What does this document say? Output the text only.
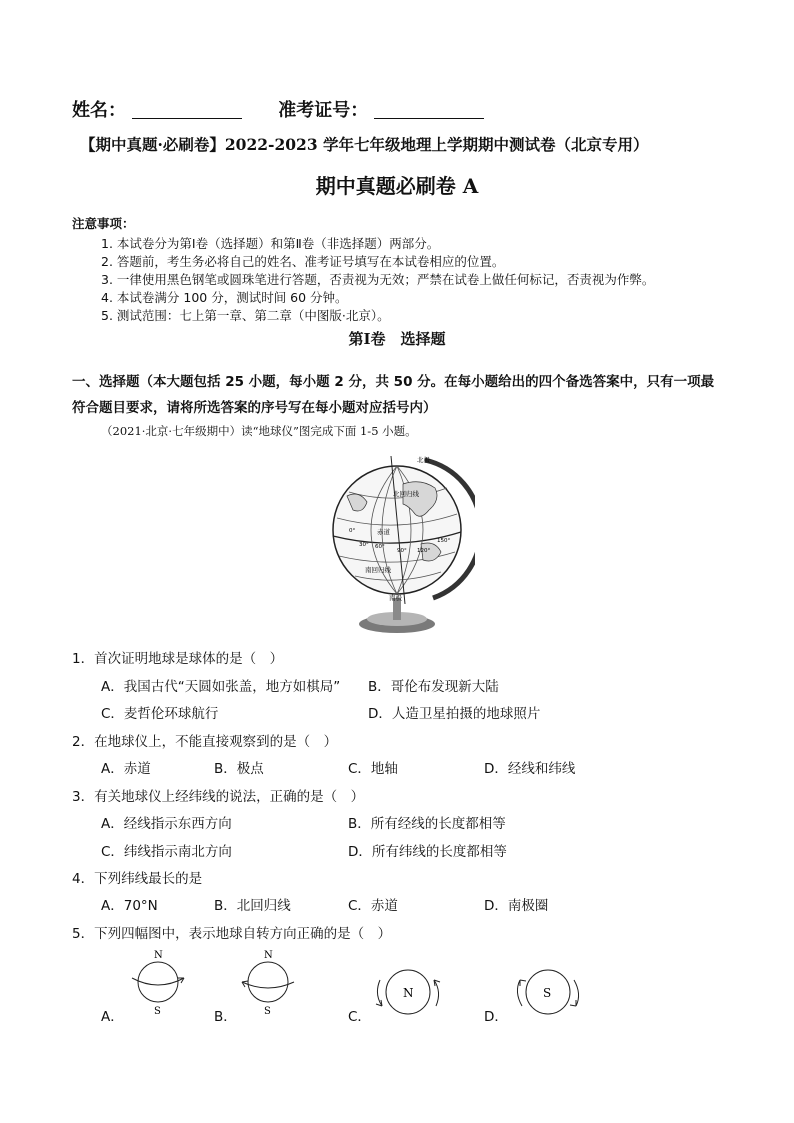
姓名：	准考证号：
【期中真题·必刷卷】2022-2023 学年七年级地理上学期期中测试卷（北京专用）
期中真题必刷卷 A
注意事项：
1. 本试卷分为第Ⅰ卷（选择题）和第Ⅱ卷（非选择题）两部分。
2. 答题前，考生务必将自己的姓名、准考证号填写在本试卷相应的位置。
3. 一律使用黑色钢笔或圆珠笔进行答题，否责视为无效；严禁在试卷上做任何标记，否责视为作弊。
4. 本试卷满分 100 分，测试时间 60 分钟。
5. 测试范围：七上第一章、第二章（中图版·北京）。
第Ⅰ卷　选择题
一、选择题（本大题包括 25 小题，每小题 2 分，共 50 分。在每小题给出的四个备选答案中，只有一项最
符合题目要求，请将所选答案的序号写在每小题对应括号内）
（2021·北京·七年级期中）读“地球仪”图完成下面 1-5 小题。
北极
北回归线
赤道
南回归线
南极
0°
30° 60°
90° 120°
150°
1．首次证明地球是球体的是（　）
A．我国古代“天圆如张盖，地方如棋局” B．哥伦布发现新大陆
C．麦哲伦环球航行	D．人造卫星拍摄的地球照片
2．在地球仪上，不能直接观察到的是（　）
A．赤道	B．极点	C．地轴	D．经线和纬线
3．有关地球仪上经纬线的说法，正确的是（　）
A．经线指示东西方向	B．所有经线的长度都相等
C．纬线指示南北方向	D．所有纬线的长度都相等
4．下列纬线最长的是
A．70°N	B．北回归线	C．赤道	D．南极圈
5．下列四幅图中，表示地球自转方向正确的是（　）
A．	B．	C．	D．
N
S
N
S
N	S
